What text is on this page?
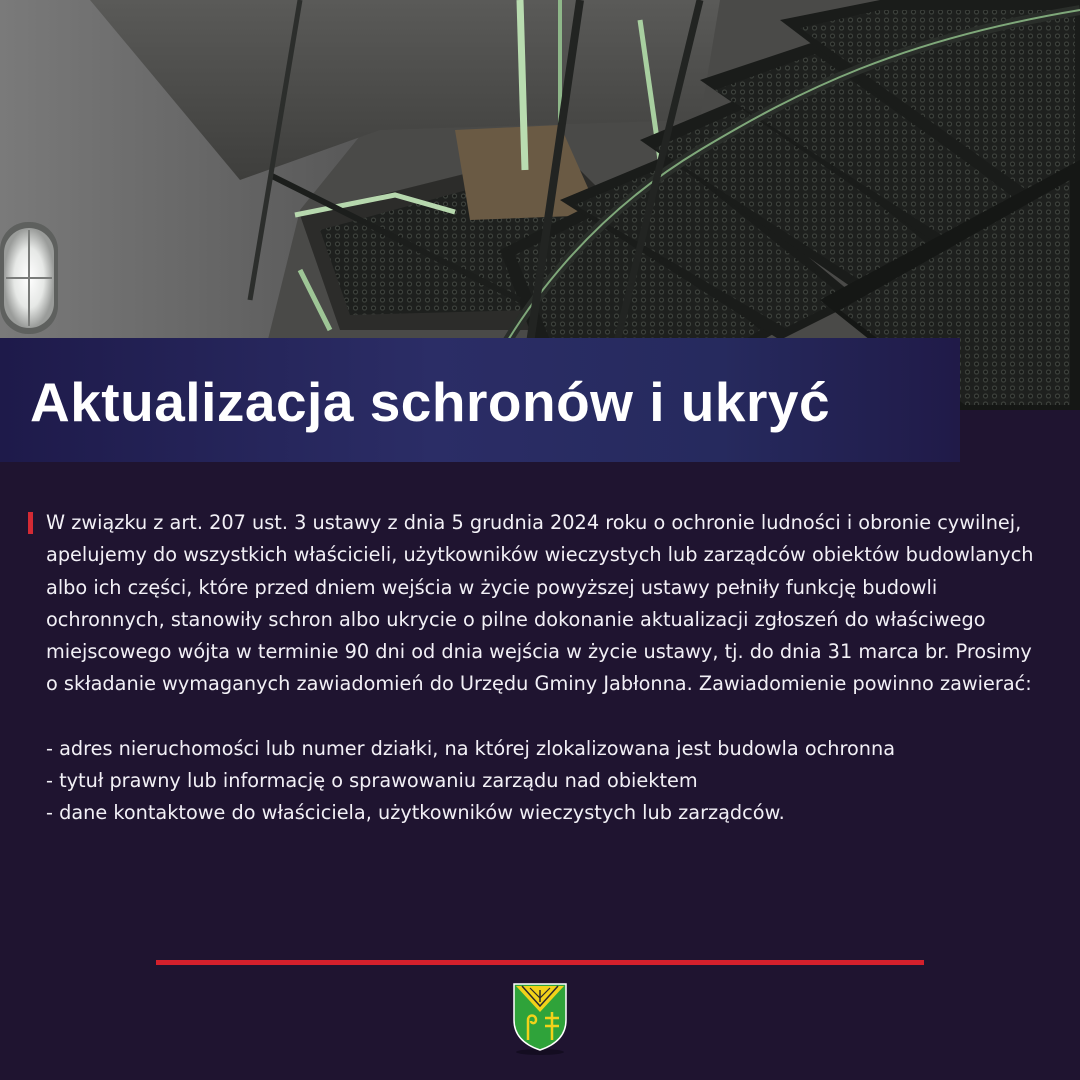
Aktualizacja schronów i ukryć

W związku z art. 207 ust. 3 ustawy z dnia 5 grudnia 2024 roku o ochronie ludności i obronie cywilnej, apelujemy do wszystkich właścicieli, użytkowników wieczystych lub zarządców obiektów budowlanych albo ich części, które przed dniem wejścia w życie powyższej ustawy pełniły funkcję budowli ochronnych, stanowiły schron albo ukrycie o pilne dokonanie aktualizacji zgłoszeń do właściwego miejscowego wójta w terminie 90 dni od dnia wejścia w życie ustawy, tj. do dnia 31 marca br. Prosimy o składanie wymaganych zawiadomień do Urzędu Gminy Jabłonna. Zawiadomienie powinno zawierać:

- adres nieruchomości lub numer działki, na której zlokalizowana jest budowla ochronna
- tytuł prawny lub informację o sprawowaniu zarządu nad obiektem
- dane kontaktowe do właściciela, użytkowników wieczystych lub zarządców.
